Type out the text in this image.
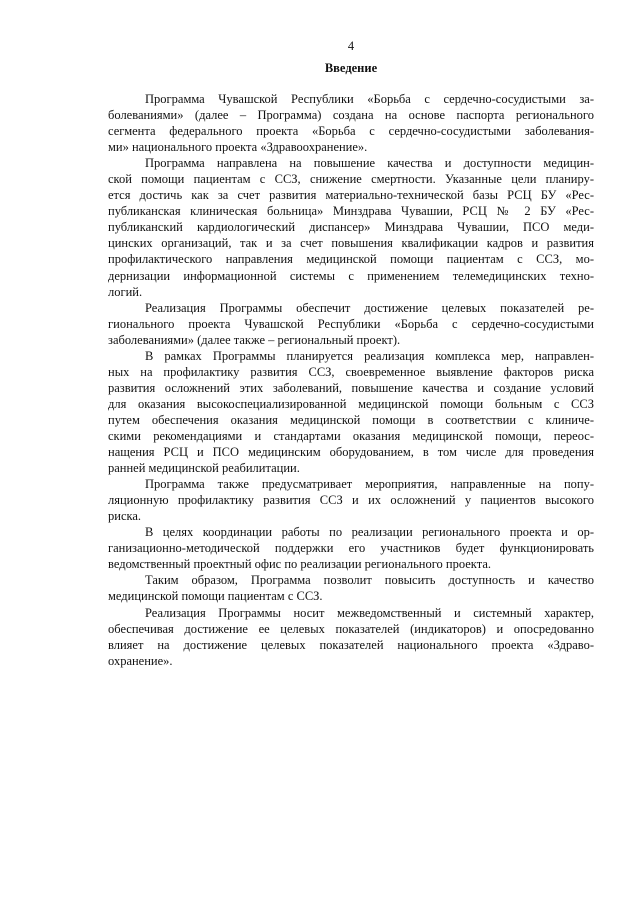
4

Введение

Программа Чувашской Республики «Борьба с сердечно-сосудистыми за-
болеваниями» (далее – Программа) создана на основе паспорта регионального
сегмента федерального проекта «Борьба с сердечно-сосудистыми заболевания-
ми» национального проекта «Здравоохранение».
Программа направлена на повышение качества и доступности медицин-
ской помощи пациентам с ССЗ, снижение смертности. Указанные цели планиру-
ется достичь как за счет развития материально-технической базы РСЦ БУ «Рес-
публиканская клиническая больница» Минздрава Чувашии, РСЦ № 2 БУ «Рес-
публиканский кардиологический диспансер» Минздрава Чувашии, ПСО меди-
цинских организаций, так и за счет повышения квалификации кадров и развития
профилактического направления медицинской помощи пациентам с ССЗ, мо-
дернизации информационной системы с применением телемедицинских техно-
логий.
Реализация Программы обеспечит достижение целевых показателей ре-
гионального проекта Чувашской Республики «Борьба с сердечно-сосудистыми
заболеваниями» (далее также – региональный проект).
В рамках Программы планируется реализация комплекса мер, направлен-
ных на профилактику развития ССЗ, своевременное выявление факторов риска
развития осложнений этих заболеваний, повышение качества и создание условий
для оказания высокоспециализированной медицинской помощи больным с ССЗ
путем обеспечения оказания медицинской помощи в соответствии с клиниче-
скими рекомендациями и стандартами оказания медицинской помощи, переос-
нащения РСЦ и ПСО медицинским оборудованием, в том числе для проведения
ранней медицинской реабилитации.
Программа также предусматривает мероприятия, направленные на попу-
ляционную профилактику развития ССЗ и их осложнений у пациентов высокого
риска.
В целях координации работы по реализации регионального проекта и ор-
ганизационно-методической поддержки его участников будет функционировать
ведомственный проектный офис по реализации регионального проекта.
Таким образом, Программа позволит повысить доступность и качество
медицинской помощи пациентам с ССЗ.
Реализация Программы носит межведомственный и системный характер,
обеспечивая достижение ее целевых показателей (индикаторов) и опосредованно
влияет на достижение целевых показателей национального проекта «Здраво-
охранение».
